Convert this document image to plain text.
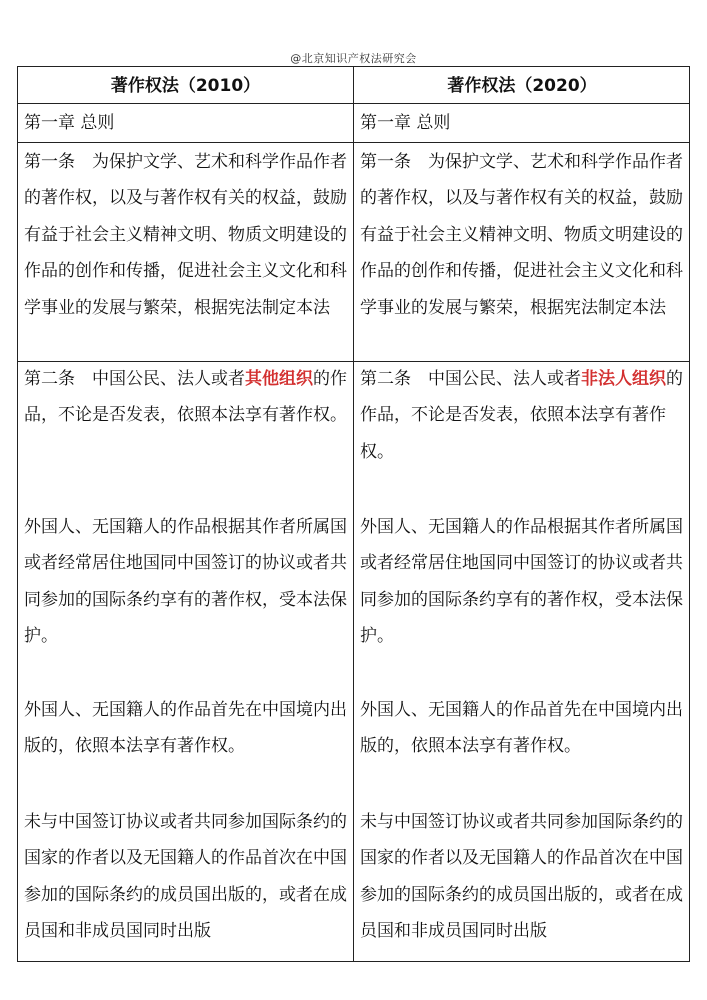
@北京知识产权法研究会
著作权法（2010）	著作权法（2020）
第一章 总则	第一章 总则
第一条　为保护文学、艺术和科学作品作者的著作权，以及与著作权有关的权益，鼓励有益于社会主义精神文明、物质文明建设的作品的创作和传播，促进社会主义文化和科学事业的发展与繁荣，根据宪法制定本法
第一条　为保护文学、艺术和科学作品作者的著作权，以及与著作权有关的权益，鼓励有益于社会主义精神文明、物质文明建设的作品的创作和传播，促进社会主义文化和科学事业的发展与繁荣，根据宪法制定本法
第二条　中国公民、法人或者其他组织的作品，不论是否发表，依照本法享有著作权。
第二条　中国公民、法人或者非法人组织的作品，不论是否发表，依照本法享有著作权。
外国人、无国籍人的作品根据其作者所属国或者经常居住地国同中国签订的协议或者共同参加的国际条约享有的著作权，受本法保护。
外国人、无国籍人的作品根据其作者所属国或者经常居住地国同中国签订的协议或者共同参加的国际条约享有的著作权，受本法保护。
外国人、无国籍人的作品首先在中国境内出版的，依照本法享有著作权。
外国人、无国籍人的作品首先在中国境内出版的，依照本法享有著作权。
未与中国签订协议或者共同参加国际条约的国家的作者以及无国籍人的作品首次在中国参加的国际条约的成员国出版的，或者在成员国和非成员国同时出版
未与中国签订协议或者共同参加国际条约的国家的作者以及无国籍人的作品首次在中国参加的国际条约的成员国出版的，或者在成员国和非成员国同时出版
